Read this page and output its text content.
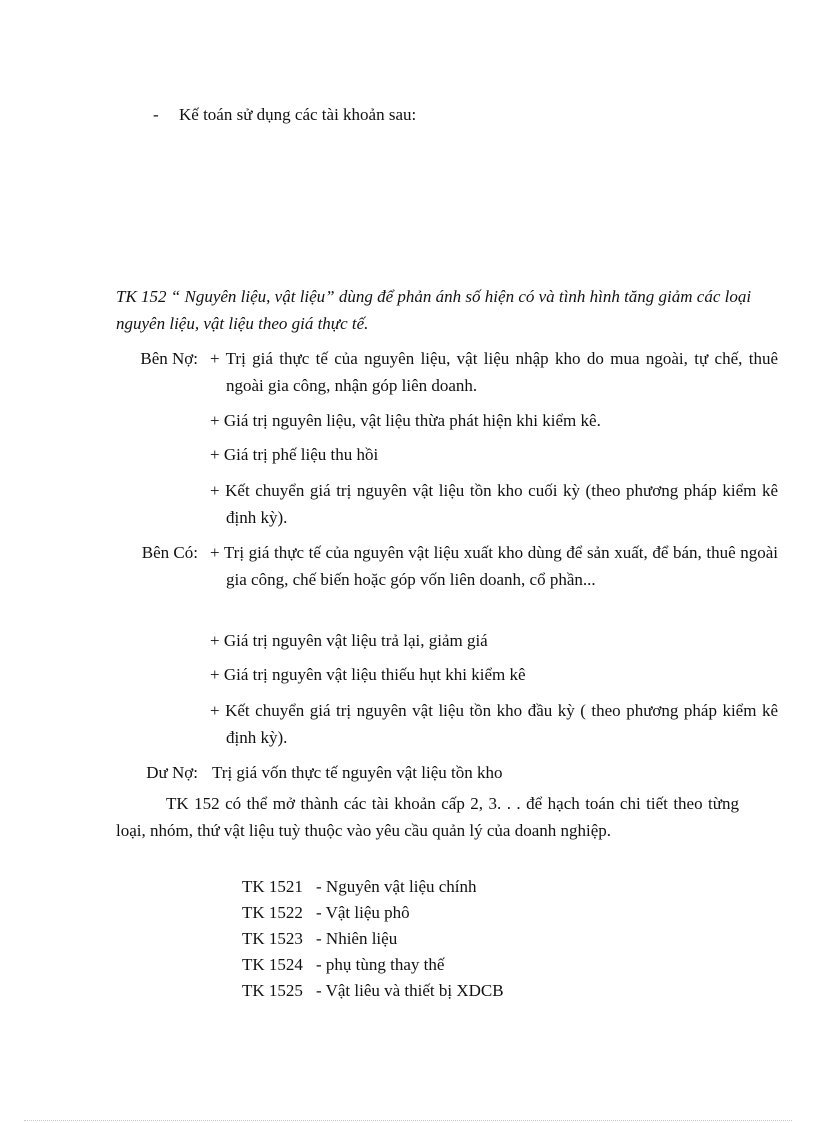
- Kế toán sử dụng các tài khoản sau:
TK 152 “ Nguyên liệu, vật liệu” dùng để phản ánh số hiện có và tình hình tăng giảm các loại nguyên liệu, vật liệu theo giá thực tế.
Bên Nợ: + Trị giá thực tế của nguyên liệu, vật liệu nhập kho do mua ngoài, tự chế, thuê ngoài gia công, nhận góp liên doanh.
+ Giá trị nguyên liệu, vật liệu thừa phát hiện khi kiểm kê.
+ Giá trị phế liệu thu hồi
+ Kết chuyển giá trị nguyên vật liệu tồn kho cuối kỳ (theo phương pháp kiểm kê định kỳ).
Bên Có: + Trị giá thực tế của nguyên vật liệu xuất kho dùng để sản xuất, để bán, thuê ngoài gia công, chế biến hoặc góp vốn liên doanh, cổ phần...
+ Giá trị nguyên vật liệu trả lại, giảm giá
+ Giá trị nguyên vật liệu thiếu hụt khi kiểm kê
+ Kết chuyển giá trị nguyên vật liệu tồn kho đầu kỳ ( theo phương pháp kiểm kê định kỳ).
Dư Nợ: Trị giá vốn thực tế nguyên vật liệu tồn kho
TK 152 có thể mở thành các tài khoản cấp 2, 3. . . để hạch toán chi tiết theo từng loại, nhóm, thứ vật liệu tuỳ thuộc vào yêu cầu quản lý của doanh nghiệp.
TK 1521 - Nguyên vật liệu chính
TK 1522 - Vật liệu phô
TK 1523 - Nhiên liệu
TK 1524 - phụ tùng thay thế
TK 1525 - Vật liêu và thiết bị XDCB
